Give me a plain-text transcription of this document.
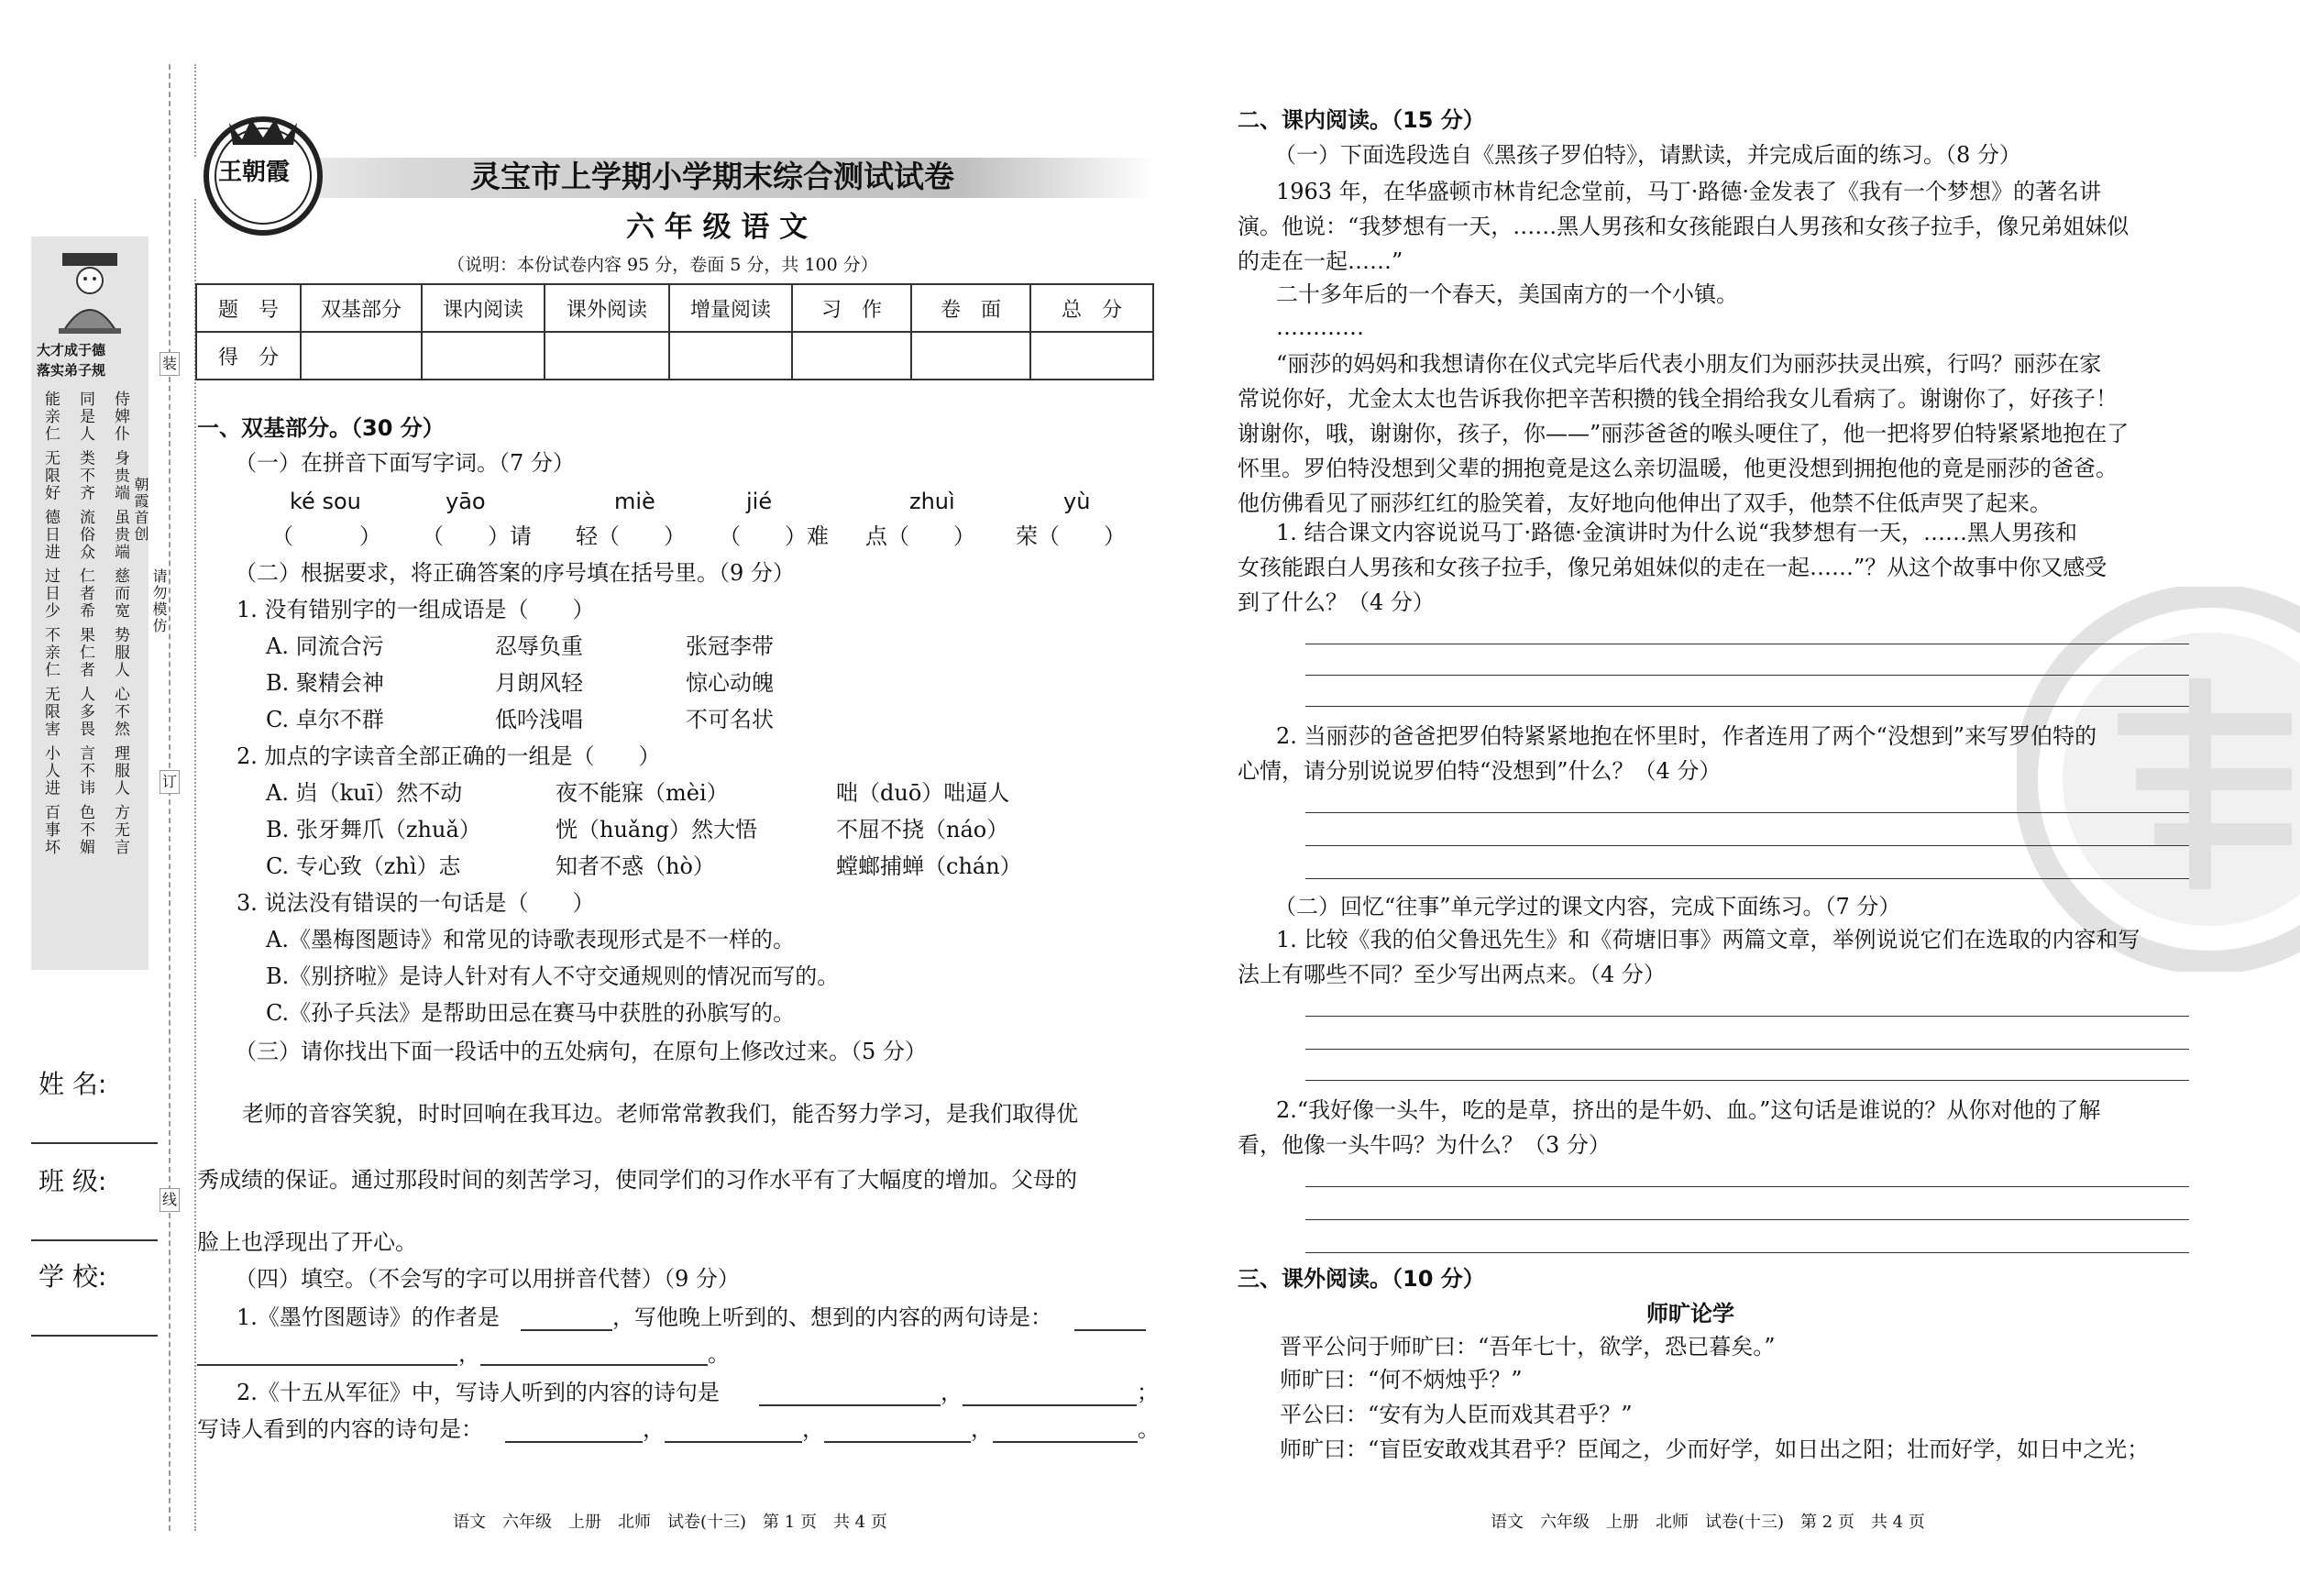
大才成于德
落实弟子规
能亲仁 无限好 德日进 过日少 不亲仁 无限害 小人进 百事坏 同是人 类不齐 流俗众 仁者希 果仁者 人多畏 言不讳 色不媚 侍婢仆 身贵端 虽贵端 慈而宽 势服人 心不然 理服人 方无言
装
订
线
朝霞首创
请勿模仿
姓 名:
班 级:
学 校:
王朝霞	灵宝市上学期小学期末综合测试试卷
六 年 级 语 文
（说明：本份试卷内容 95 分，卷面 5 分，共 100 分）
题　号	双基部分	课内阅读	课外阅读	增量阅读	习　作	卷　面	总　分
得　分							
一、双基部分。（30 分）
（一）在拼音下面写字词。（7 分）
ké sou	yāo	miè	jié	zhuì	yù
（　　　） （　　）请 轻（　　） （　　）难 点（　　） 荣（　　）
（二）根据要求，将正确答案的序号填在括号里。（9 分）
1. 没有错别字的一组成语是（　　）
A. 同流合污	忍辱负重	张冠李带
B. 聚精会神	月朗风轻	惊心动魄
C. 卓尔不群	低吟浅唱	不可名状
2. 加点的字读音全部正确的一组是（　　）
A. 岿（kuī）然不动	夜不能寐（mèi）	咄（duō）咄逼人
B. 张牙舞爪（zhuǎ）	恍（huǎng）然大悟	不屈不挠（náo）
C. 专心致（zhì）志	知者不惑（hò）	螳螂捕蝉（chán）
3. 说法没有错误的一句话是（　　）
A.《墨梅图题诗》和常见的诗歌表现形式是不一样的。
B.《别挤啦》是诗人针对有人不守交通规则的情况而写的。
C.《孙子兵法》是帮助田忌在赛马中获胜的孙膑写的。
（三）请你找出下面一段话中的五处病句，在原句上修改过来。（5 分）
老师的音容笑貌，时时回响在我耳边。老师常常教我们，能否努力学习，是我们取得优
秀成绩的保证。通过那段时间的刻苦学习，使同学们的习作水平有了大幅度的增加。父母的
脸上也浮现出了开心。
（四）填空。（不会写的字可以用拼音代替）（9 分）
1.《墨竹图题诗》的作者是	，写他晚上听到的、想到的内容的两句诗是：
，	。
2.《十五从军征》中，写诗人听到的内容的诗句是	，	；
写诗人看到的内容的诗句是：	，	，	，	。
语文　六年级　上册　北师　试卷(十三)　第 1 页　共 4 页
二、课内阅读。（15 分）
（一）下面选段选自《黑孩子罗伯特》，请默读，并完成后面的练习。（8 分）
1963 年，在华盛顿市林肯纪念堂前，马丁·路德·金发表了《我有一个梦想》的著名讲
演。他说：“我梦想有一天，……黑人男孩和女孩能跟白人男孩和女孩子拉手，像兄弟姐妹似
的走在一起……”
二十多年后的一个春天，美国南方的一个小镇。
…………
“丽莎的妈妈和我想请你在仪式完毕后代表小朋友们为丽莎扶灵出殡，行吗？丽莎在家
常说你好，尤金太太也告诉我你把辛苦积攒的钱全捐给我女儿看病了。谢谢你了，好孩子！
谢谢你，哦，谢谢你，孩子，你——”丽莎爸爸的喉头哽住了，他一把将罗伯特紧紧地抱在了
怀里。罗伯特没想到父辈的拥抱竟是这么亲切温暖，他更没想到拥抱他的竟是丽莎的爸爸。
他仿佛看见了丽莎红红的脸笑着，友好地向他伸出了双手，他禁不住低声哭了起来。
1. 结合课文内容说说马丁·路德·金演讲时为什么说“我梦想有一天，……黑人男孩和
女孩能跟白人男孩和女孩子拉手，像兄弟姐妹似的走在一起……”？从这个故事中你又感受
到了什么？（4 分）
2. 当丽莎的爸爸把罗伯特紧紧地抱在怀里时，作者连用了两个“没想到”来写罗伯特的
心情，请分别说说罗伯特“没想到”什么？（4 分）
（二）回忆“往事”单元学过的课文内容，完成下面练习。（7 分）
1. 比较《我的伯父鲁迅先生》和《荷塘旧事》两篇文章，举例说说它们在选取的内容和写
法上有哪些不同？至少写出两点来。（4 分）
2.“我好像一头牛，吃的是草，挤出的是牛奶、血。”这句话是谁说的？从你对他的了解
看，他像一头牛吗？为什么？（3 分）
三、课外阅读。（10 分）
师旷论学
晋平公问于师旷曰：“吾年七十，欲学，恐已暮矣。”
师旷曰：“何不炳烛乎？”
平公曰：“安有为人臣而戏其君乎？”
师旷曰：“盲臣安敢戏其君乎？臣闻之，少而好学，如日出之阳；壮而好学，如日中之光；
语文　六年级　上册　北师　试卷(十三)　第 2 页　共 4 页
